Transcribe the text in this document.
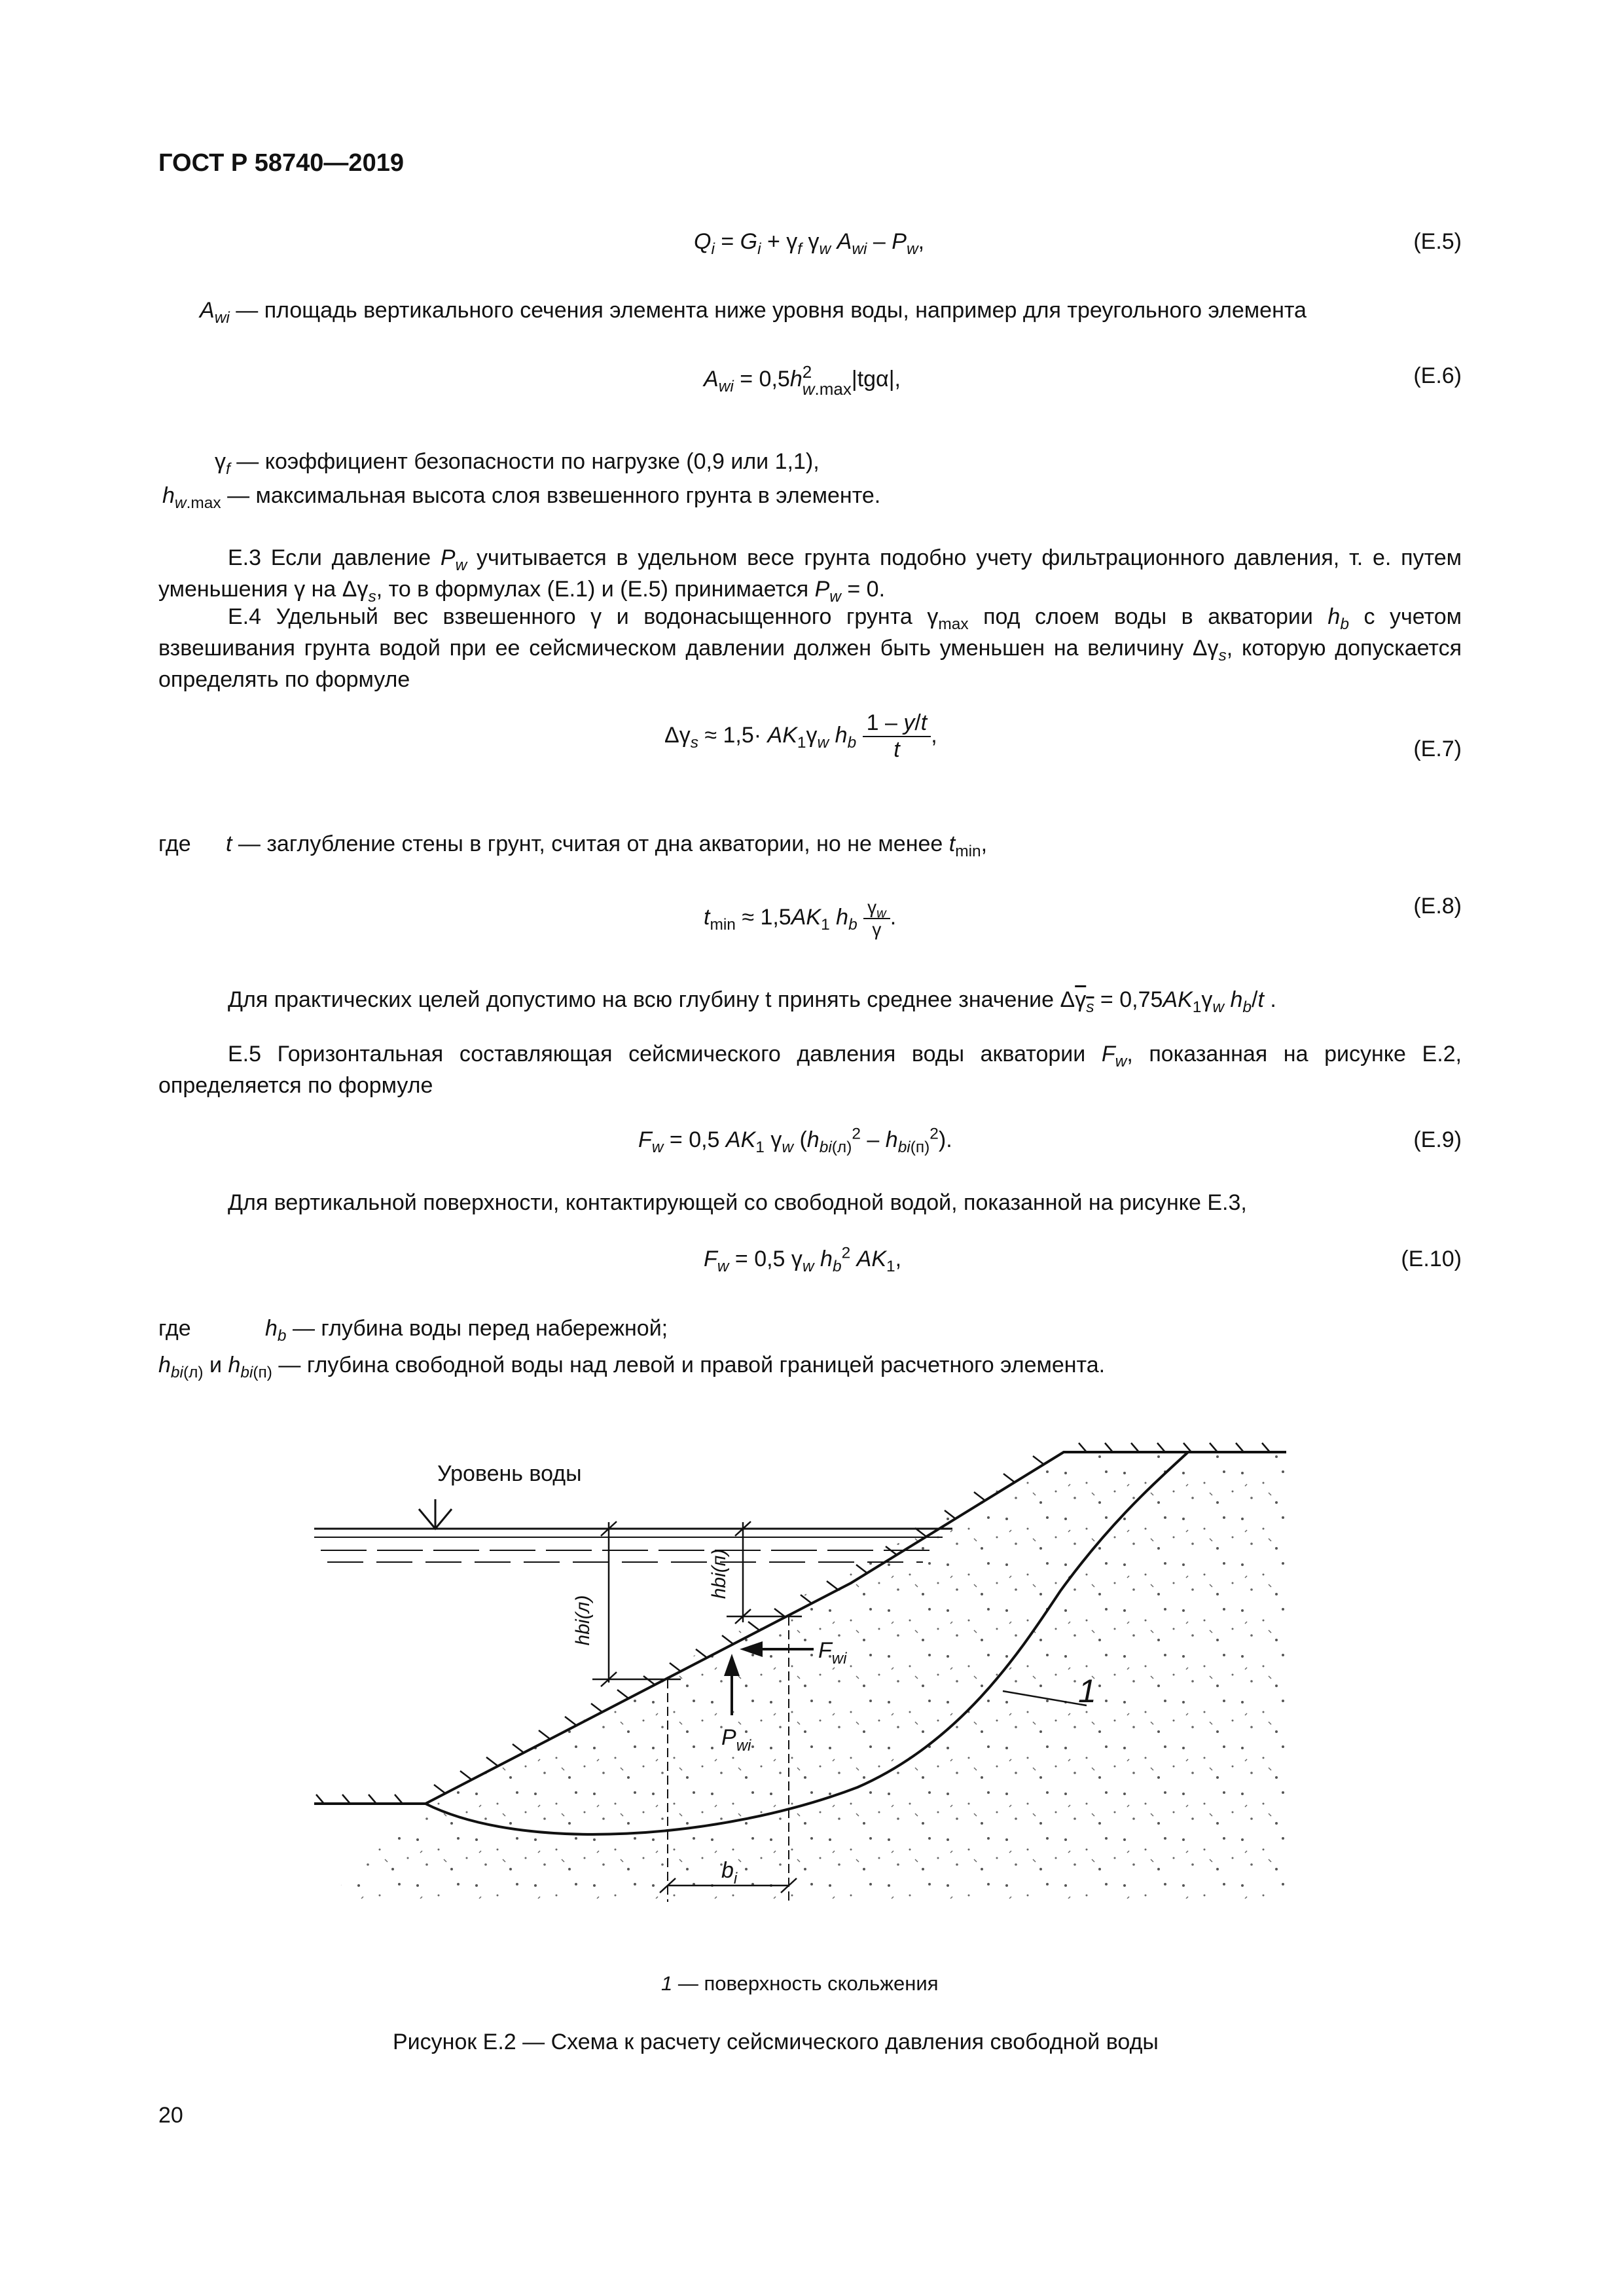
ГОСТ Р 58740—2019
$Q_i = G_i + \gamma_f$ $\gamma_w$ $A_{wi} - P_w$,	(Е.5)
$A_{wi}$ — площадь вертикального сечения элемента ниже уровня воды, например для треугольного элемента
$A_{wi} = 0,5h$ 2
w.max |tgα|,	(Е.6)
$\gamma_f$ — коэффициент безопасности по нагрузке (0,9 или 1,1),
$h_{w.max}$ — максимальная высота слоя взвешенного грунта в элементе.
Е.3 Если давление $P_w$ учитывается в удельном весе грунта подобно учету фильтрационного давления, т. е. путем уменьшения γ на $\Delta\gamma_s$, то в формулах (Е.1) и (Е.5) принимается $P_w = 0$.
Е.4 Удельный вес взвешенного γ и водонасыщенного грунта $\gamma_{max}$ под слоем воды в акватории $h_b$ с учетом взвешивания грунта водой при ее сейсмическом давлении должен быть уменьшен на величину $\Delta\gamma_s$, которую допускается определять по формуле
$\Delta\gamma_s \approx 1,5\cdot AK_1\gamma_w$ $h_b \frac{1 - y/t}{t}$ ,
(Е.7)
где t — заглубление стены в грунт, считая от дна акватории, но не менее $t_{min}$,
$t_{min} \approx 1,5AK_1$ $h_b \frac{\gamma_w}{\gamma}$ .	(Е.8)
Для практических целей допустимо на всю глубину t принять среднее значение $\Delta\gamma_s = 0,75AK_1\gamma_w$ $h_b/t$ .
Е.5 Горизонтальная составляющая сейсмического давления воды акватории $F_w$, показанная на рисунке Е.2, определяется по формуле
$F_w = 0,5$ $AK_1$ $\gamma_w$ $(h_{bi(л)}^2 - h_{bi(п)}^2)$.	(Е.9)
Для вертикальной поверхности, контактирующей со свободной водой, показанной на рисунке Е.3,
$F_w = 0,5$ $\gamma_w$ $h_b^2$ $AK_1$,	(Е.10)
где	$h_b$ — глубина воды перед набережной;
$h_{bi(л)}$ и $h_{bi(п)}$ — глубина свободной воды над левой и правой границей расчетного элемента.
Уровень воды
hbi(л)
hbi(п)
$F_{wi}$
$P_{wi}$
$b_i$
1
1 — поверхность скольжения
Рисунок Е.2 — Схема к расчету сейсмического давления свободной воды
20
